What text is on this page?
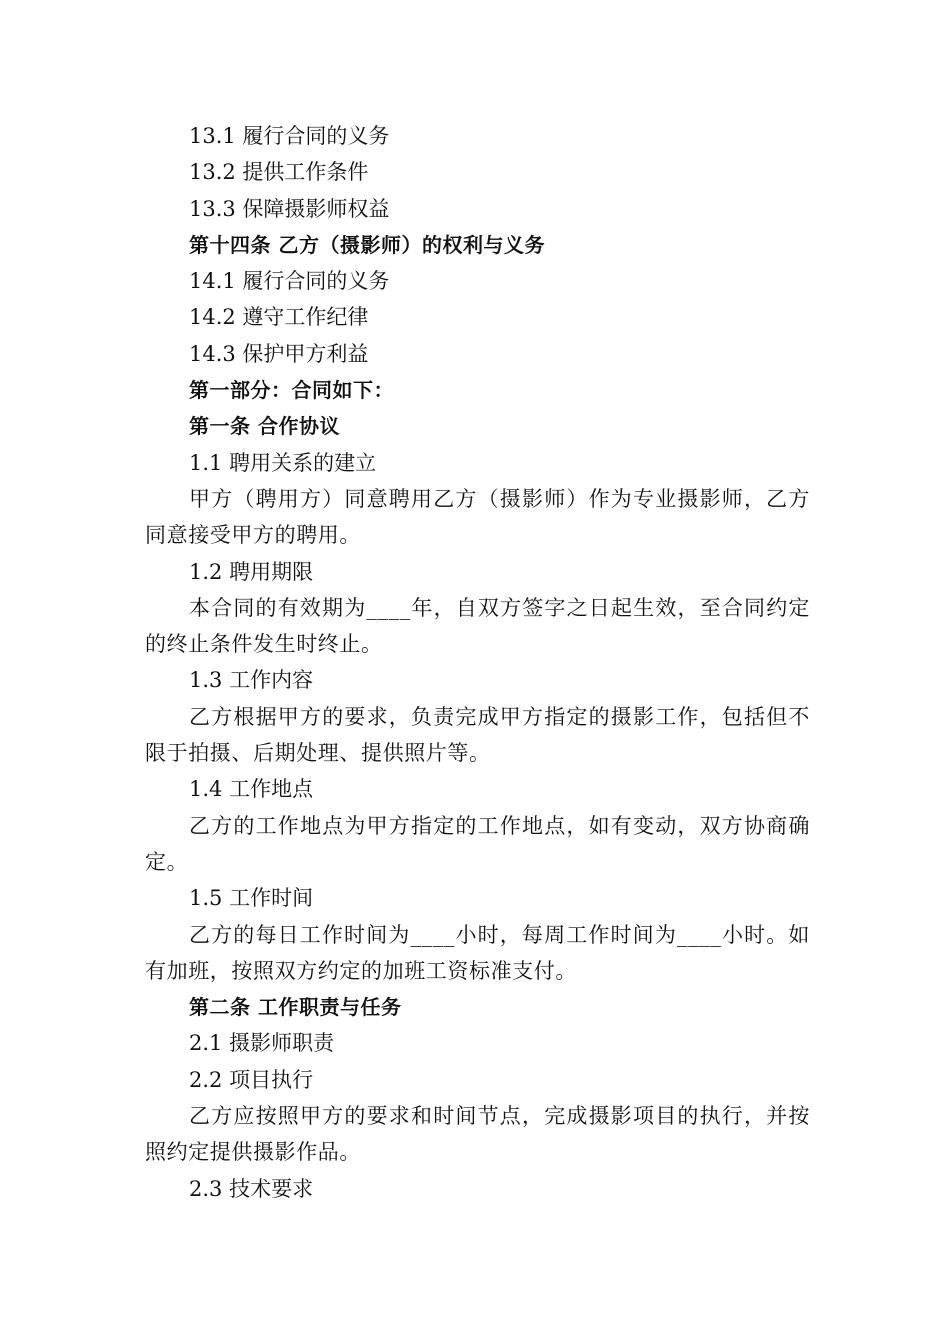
13.1 履行合同的义务

13.2 提供工作条件

13.3 保障摄影师权益

第十四条 乙方（摄影师）的权利与义务

14.1 履行合同的义务

14.2 遵守工作纪律

14.3 保护甲方利益

第一部分：合同如下：

第一条 合作协议

1.1 聘用关系的建立

甲方（聘用方）同意聘用乙方（摄影师）作为专业摄影师，乙方同意接受甲方的聘用。

1.2 聘用期限

本合同的有效期为____年，自双方签字之日起生效，至合同约定的终止条件发生时终止。

1.3 工作内容

乙方根据甲方的要求，负责完成甲方指定的摄影工作，包括但不限于拍摄、后期处理、提供照片等。

1.4 工作地点

乙方的工作地点为甲方指定的工作地点，如有变动，双方协商确定。

1.5 工作时间

乙方的每日工作时间为____小时，每周工作时间为____小时。如有加班，按照双方约定的加班工资标准支付。

第二条 工作职责与任务

2.1 摄影师职责

2.2 项目执行

乙方应按照甲方的要求和时间节点，完成摄影项目的执行，并按照约定提供摄影作品。

2.3 技术要求
